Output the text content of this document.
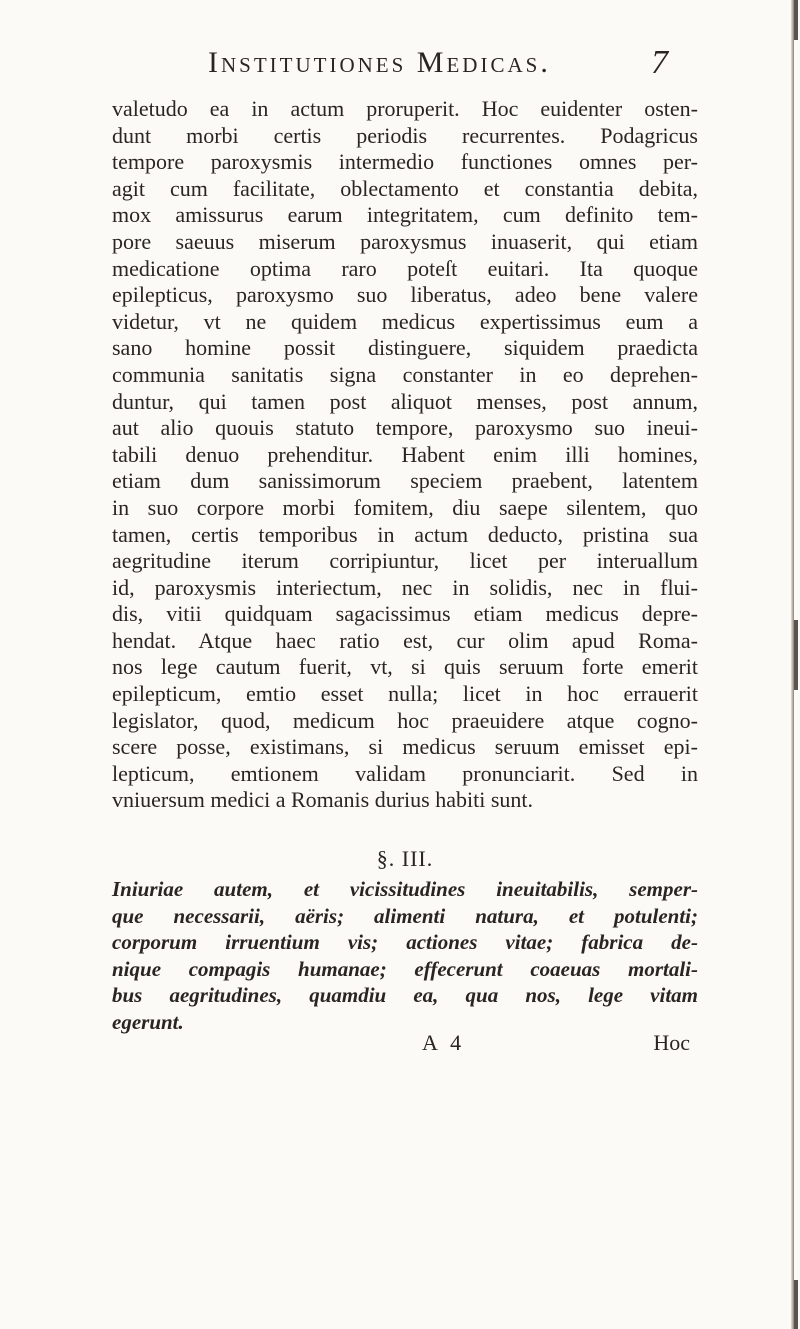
Institutiones Medicas.	7
valetudo ea in actum proruperit. Hoc euidenter osten-
dunt morbi certis periodis recurrentes. Podagricus
tempore paroxysmis intermedio functiones omnes per-
agit cum facilitate, oblectamento et constantia debita,
mox amissurus earum integritatem, cum definito tem-
pore saeuus miserum paroxysmus inuaserit, qui etiam
medicatione optima raro poteſt euitari. Ita quoque
epilepticus, paroxysmo suo liberatus, adeo bene valere
videtur, vt ne quidem medicus expertissimus eum a
sano homine possit distinguere, siquidem praedicta
communia sanitatis signa constanter in eo deprehen-
duntur, qui tamen post aliquot menses, post annum,
aut alio quouis statuto tempore, paroxysmo suo ineui-
tabili denuo prehenditur. Habent enim illi homines,
etiam dum sanissimorum speciem praebent, latentem
in suo corpore morbi fomitem, diu saepe silentem, quo
tamen, certis temporibus in actum deducto, pristina sua
aegritudine iterum corripiuntur, licet per interuallum
id, paroxysmis interiectum, nec in solidis, nec in flui-
dis, vitii quidquam sagacissimus etiam medicus depre-
hendat. Atque haec ratio est, cur olim apud Roma-
nos lege cautum fuerit, vt, si quis seruum forte emerit
epilepticum, emtio esset nulla; licet in hoc errauerit
legislator, quod, medicum hoc praeuidere atque cogno-
scere posse, existimans, si medicus seruum emisset epi-
lepticum, emtionem validam pronunciarit. Sed in
vniuersum medici a Romanis durius habiti sunt.
§. III.
Iniuriae autem, et vicissitudines ineuitabilis, semper-
que necessarii, aëris; alimenti natura, et potulenti;
corporum irruentium vis; actiones vitae; fabrica de-
nique compagis humanae; effecerunt coaeuas mortali-
bus aegritudines, quamdiu ea, qua nos, lege vitam
egerunt.
A 4	Hoc
